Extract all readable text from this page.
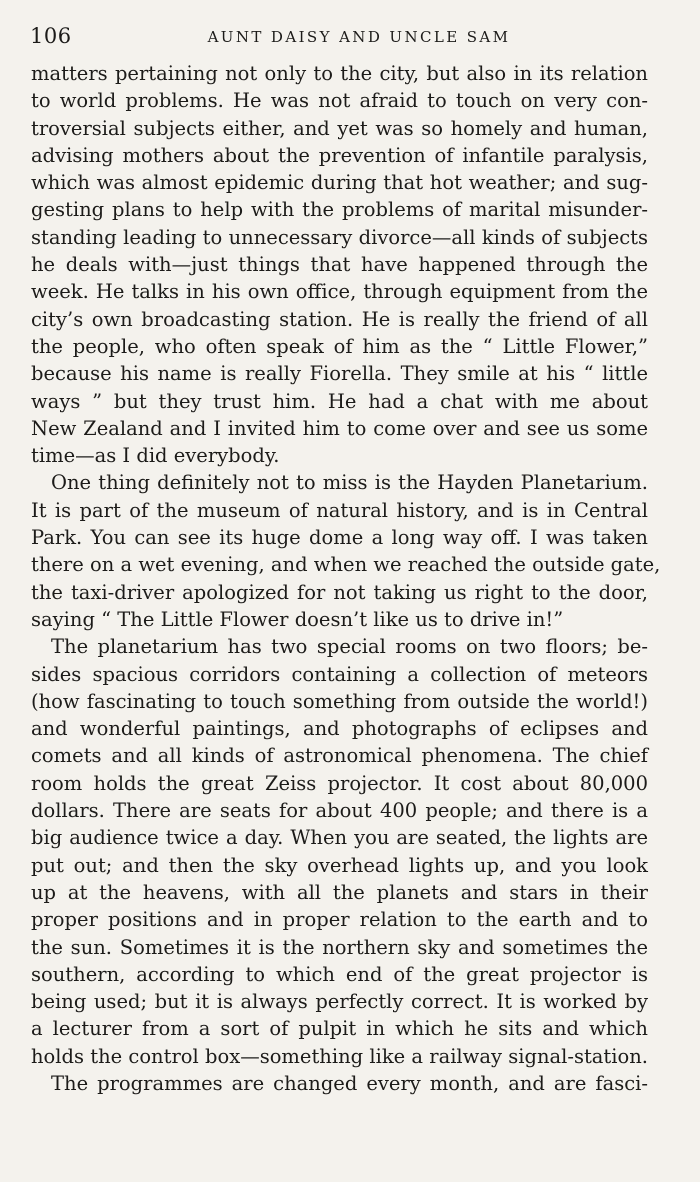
106	AUNT DAISY AND UNCLE SAM
matters pertaining not only to the city, but also in its relation
to world problems. He was not afraid to touch on very con-
troversial subjects either, and yet was so homely and human,
advising mothers about the prevention of infantile paralysis,
which was almost epidemic during that hot weather; and sug-
gesting plans to help with the problems of marital misunder-
standing leading to unnecessary divorce—all kinds of subjects
he deals with—just things that have happened through the
week. He talks in his own office, through equipment from the
city’s own broadcasting station. He is really the friend of all
the people, who often speak of him as the “ Little Flower,”
because his name is really Fiorella. They smile at his “ little
ways ” but they trust him. He had a chat with me about
New Zealand and I invited him to come over and see us some
time—as I did everybody.
One thing definitely not to miss is the Hayden Planetarium.
It is part of the museum of natural history, and is in Central
Park. You can see its huge dome a long way off. I was taken
there on a wet evening, and when we reached the outside gate,
the taxi-driver apologized for not taking us right to the door,
saying “ The Little Flower doesn’t like us to drive in!”
The planetarium has two special rooms on two floors; be-
sides spacious corridors containing a collection of meteors
(how fascinating to touch something from outside the world!)
and wonderful paintings, and photographs of eclipses and
comets and all kinds of astronomical phenomena. The chief
room holds the great Zeiss projector. It cost about 80,000
dollars. There are seats for about 400 people; and there is a
big audience twice a day. When you are seated, the lights are
put out; and then the sky overhead lights up, and you look
up at the heavens, with all the planets and stars in their
proper positions and in proper relation to the earth and to
the sun. Sometimes it is the northern sky and sometimes the
southern, according to which end of the great projector is
being used; but it is always perfectly correct. It is worked by
a lecturer from a sort of pulpit in which he sits and which
holds the control box—something like a railway signal-station.
The programmes are changed every month, and are fasci-
